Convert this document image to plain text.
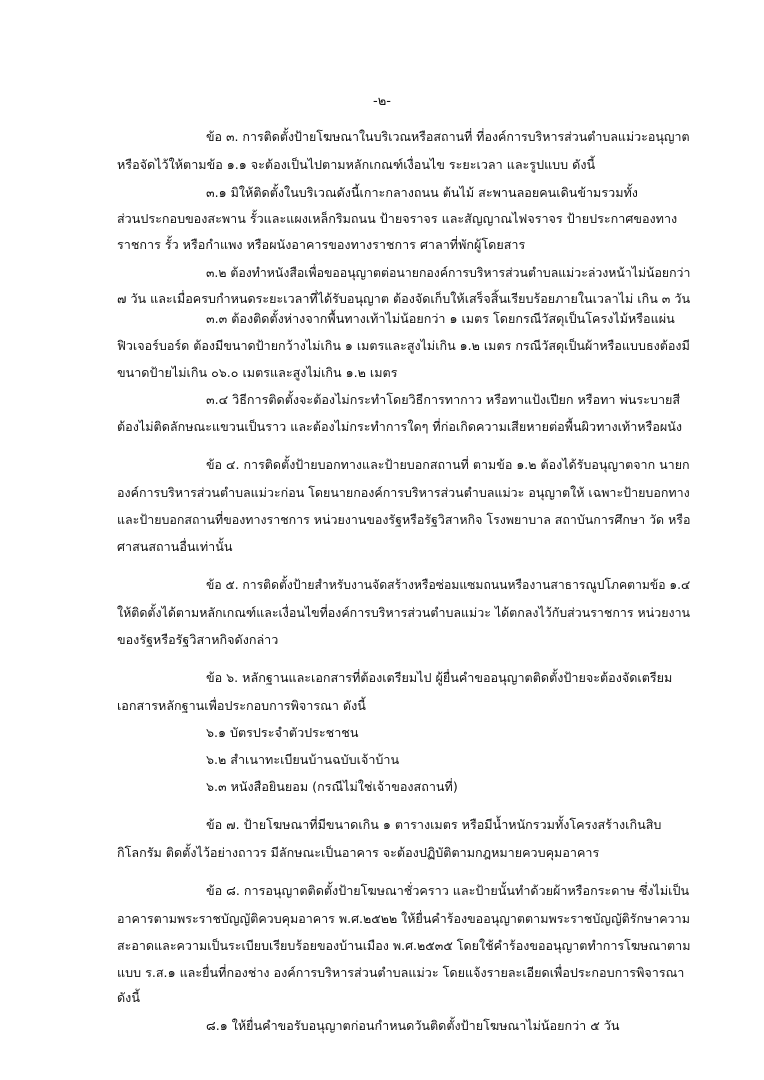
-๒-
ข้อ ๓. การติดตั้งป้ายโฆษณาในบริเวณหรือสถานที่ ที่องค์การบริหารส่วนตำบลแม่วะอนุญาต
หรือจัดไว้ให้ตามข้อ ๑.๑ จะต้องเป็นไปตามหลักเกณฑ์เงื่อนไข ระยะเวลา และรูปแบบ ดังนี้
๓.๑ มิให้ติดตั้งในบริเวณดังนี้เกาะกลางถนน ต้นไม้ สะพานลอยคนเดินข้ามรวมทั้ง
ส่วนประกอบของสะพาน รั้วและแผงเหล็กริมถนน ป้ายจราจร และสัญญาณไฟจราจร ป้ายประกาศของทาง
ราชการ รั้ว หรือกำแพง หรือผนังอาคารของทางราชการ ศาลาที่พักผู้โดยสาร
๓.๒ ต้องทำหนังสือเพื่อขออนุญาตต่อนายกองค์การบริหารส่วนตำบลแม่วะล่วงหน้าไม่น้อยกว่า
๗ วัน และเมื่อครบกำหนดระยะเวลาที่ได้รับอนุญาต ต้องจัดเก็บให้เสร็จสิ้นเรียบร้อยภายในเวลาไม่ เกิน ๓ วัน
๓.๓ ต้องติดตั้งห่างจากพื้นทางเท้าไม่น้อยกว่า ๑ เมตร โดยกรณีวัสดุเป็นโครงไม้หรือแผ่น
ฟิวเจอร์บอร์ด ต้องมีขนาดป้ายกว้างไม่เกิน ๑ เมตรและสูงไม่เกิน ๑.๒ เมตร กรณีวัสดุเป็นผ้าหรือแบบธงต้องมี
ขนาดป้ายไม่เกิน ๐๖.๐ เมตรและสูงไม่เกิน ๑.๒ เมตร
๓.๔ วิธีการติดตั้งจะต้องไม่กระทำโดยวิธีการทากาว หรือทาแป้งเปียก หรือทา พ่นระบายสี
ต้องไม่ติดลักษณะแขวนเป็นราว และต้องไม่กระทำการใดๆ ที่ก่อเกิดความเสียหายต่อพื้นผิวทางเท้าหรือผนัง
ข้อ ๔. การติดตั้งป้ายบอกทางและป้ายบอกสถานที่ ตามข้อ ๑.๒ ต้องได้รับอนุญาตจาก นายก
องค์การบริหารส่วนตำบลแม่วะก่อน โดยนายกองค์การบริหารส่วนตำบลแม่วะ อนุญาตให้ เฉพาะป้ายบอกทาง
และป้ายบอกสถานที่ของทางราชการ หน่วยงานของรัฐหรือรัฐวิสาหกิจ โรงพยาบาล สถาบันการศึกษา วัด หรือ
ศาสนสถานอื่นเท่านั้น
ข้อ ๕. การติดตั้งป้ายสำหรับงานจัดสร้างหรือซ่อมแซมถนนหรืองานสาธารณูปโภคตามข้อ ๑.๔
ให้ติดตั้งได้ตามหลักเกณฑ์และเงื่อนไขที่องค์การบริหารส่วนตำบลแม่วะ ได้ตกลงไว้กับส่วนราชการ หน่วยงาน
ของรัฐหรือรัฐวิสาหกิจดังกล่าว
ข้อ ๖. หลักฐานและเอกสารที่ต้องเตรียมไป ผู้ยื่นคำขออนุญาตติดตั้งป้ายจะต้องจัดเตรียม
เอกสารหลักฐานเพื่อประกอบการพิจารณา ดังนี้
๖.๑ บัตรประจำตัวประชาชน
๖.๒ สำเนาทะเบียนบ้านฉบับเจ้าบ้าน
๖.๓ หนังสือยินยอม (กรณีไม่ใช่เจ้าของสถานที่)
ข้อ ๗. ป้ายโฆษณาที่มีขนาดเกิน ๑ ตารางเมตร หรือมีน้ำหนักรวมทั้งโครงสร้างเกินสิบ
กิโลกรัม ติดตั้งไว้อย่างถาวร มีลักษณะเป็นอาคาร จะต้องปฏิบัติตามกฎหมายควบคุมอาคาร
ข้อ ๘. การอนุญาตติดตั้งป้ายโฆษณาชั่วคราว และป้ายนั้นทำด้วยผ้าหรือกระดาษ ซึ่งไม่เป็น
อาคารตามพระราชบัญญัติควบคุมอาคาร พ.ศ.๒๕๒๒ ให้ยื่นคำร้องขออนุญาตตามพระราชบัญญัติรักษาความ
สะอาดและความเป็นระเบียบเรียบร้อยของบ้านเมือง พ.ศ.๒๕๓๕ โดยใช้คำร้องขออนุญาตทำการโฆษณาตาม
แบบ ร.ส.๑ และยื่นที่กองช่าง องค์การบริหารส่วนตำบลแม่วะ โดยแจ้งรายละเอียดเพื่อประกอบการพิจารณา
ดังนี้
๘.๑ ให้ยื่นคำขอรับอนุญาตก่อนกำหนดวันติดตั้งป้ายโฆษณาไม่น้อยกว่า ๕ วัน
